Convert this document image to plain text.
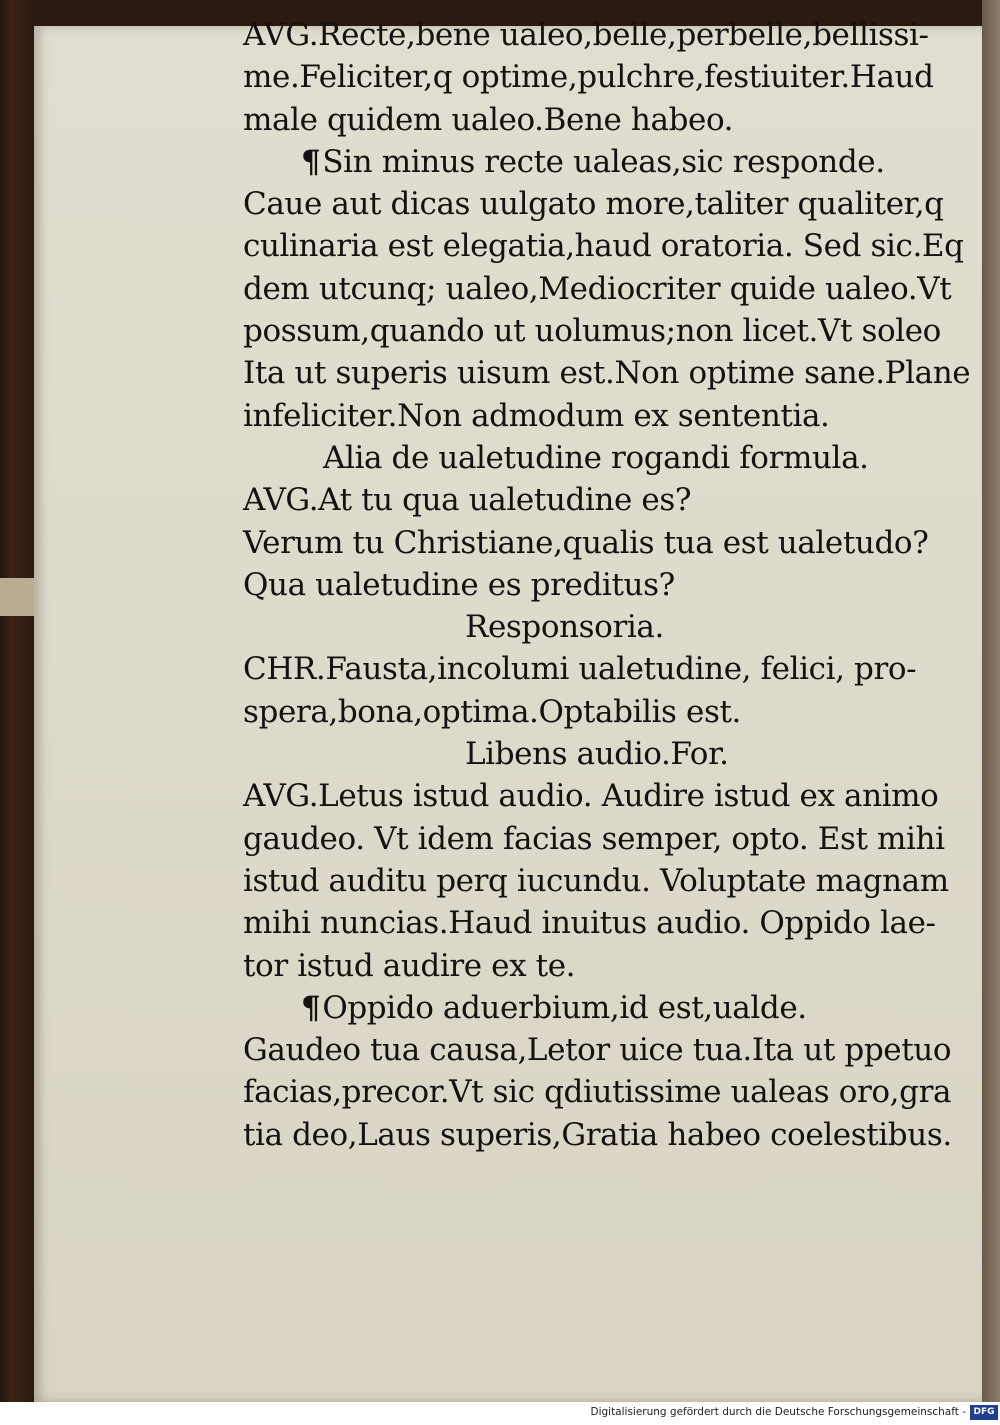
AVG.Recte,bene ualeo,belle,perbelle,bellissi-
me.Feliciter,q optime,pulchre,festiuiter.Haud
male quidem ualeo.Bene habeo.
¶Sin minus recte ualeas,sic responde.
Caue aut dicas uulgato more,taliter qualiter,q
culinaria est elegatia,haud oratoria. Sed sic.Eq
dem utcunq; ualeo,Mediocriter quide ualeo.Vt
possum,quando ut uolumus;non licet.Vt soleo
Ita ut superis uisum est.Non optime sane.Plane
infeliciter.Non admodum ex sententia.
Alia de ualetudine rogandi formula.
AVG.At tu qua ualetudine es?
Verum tu Christiane,qualis tua est ualetudo?
Qua ualetudine es preditus?
Responsoria.
CHR.Fausta,incolumi ualetudine, felici, pro-
spera,bona,optima.Optabilis est.
Libens audio.For.
AVG.Letus istud audio. Audire istud ex animo
gaudeo. Vt idem facias semper, opto. Est mihi
istud auditu perq iucundu. Voluptate magnam
mihi nuncias.Haud inuitus audio. Oppido lae-
tor istud audire ex te.
¶Oppido aduerbium,id est,ualde.
Gaudeo tua causa,Letor uice tua.Ita ut ppetuo
facias,precor.Vt sic qdiutissime ualeas oro,gra
tia deo,Laus superis,Gratia habeo coelestibus.
Digitalisierung gefördert durch die Deutsche Forschungsgemeinschaft - DFG
